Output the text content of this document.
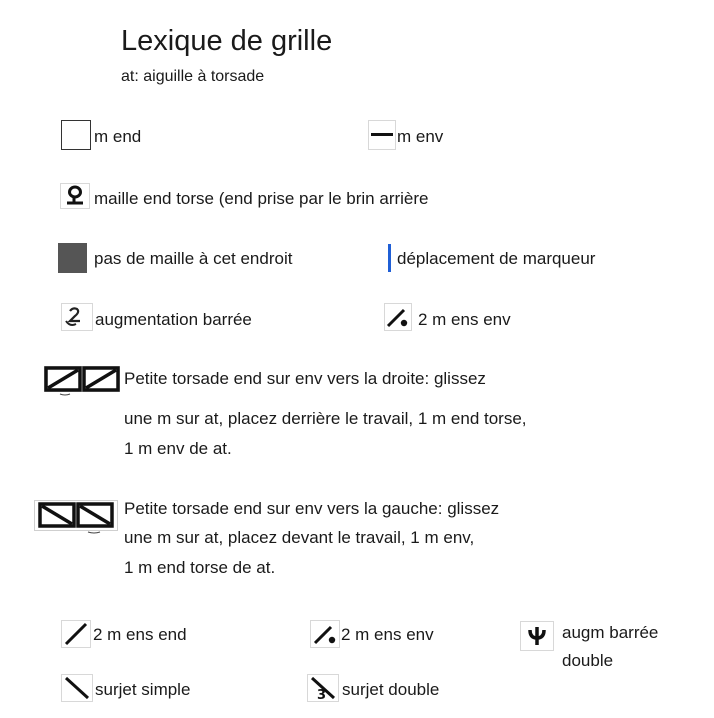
Lexique de grille
at: aiguille à torsade
m end	m env
maille end torse (end prise par le brin arrière
pas de maille à cet endroit	déplacement de marqueur
augmentation barrée	2 m ens env
Petite torsade end sur env vers la droite: glissez
une m sur at, placez derrière le travail, 1 m end torse,
1 m env de at.
Petite torsade end sur env vers la gauche: glissez
une m sur at, placez devant le travail, 1 m env,
1 m end torse de at.
2 m ens end	2 m ens env	augm barrée
double
surjet simple	3 surjet double
